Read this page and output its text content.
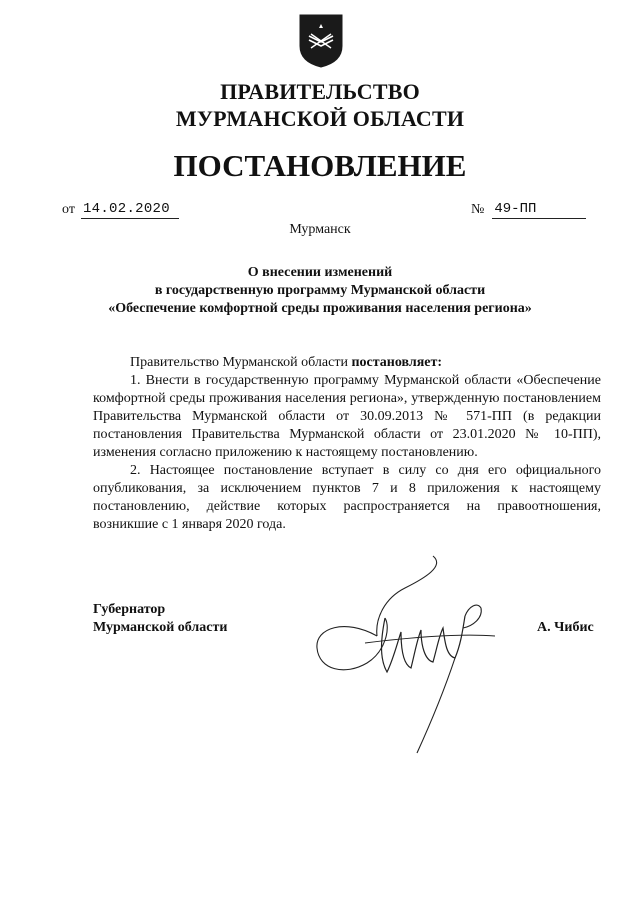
ПРАВИТЕЛЬСТВО
МУРМАНСКОЙ ОБЛАСТИ
ПОСТАНОВЛЕНИЕ
от 14.02.2020	№ 49-ПП
Мурманск
О внесении изменений
в государственную программу Мурманской области
«Обеспечение комфортной среды проживания населения региона»

Правительство Мурманской области постановляет:

1. Внести в государственную программу Мурманской области «Обеспечение комфортной среды проживания населения региона», утвержденную постановлением Правительства Мурманской области от 30.09.2013 № 571-ПП (в редакции постановления Правительства Мурманской области от 23.01.2020 № 10-ПП), изменения согласно приложению к настоящему постановлению.

2. Настоящее постановление вступает в силу со дня его официального опубликования, за исключением пунктов 7 и 8 приложения к настоящему постановлению, действие которых распространяется на правоотношения, возникшие с 1 января 2020 года.

Губернатор
Мурманской области	А. Чибис
